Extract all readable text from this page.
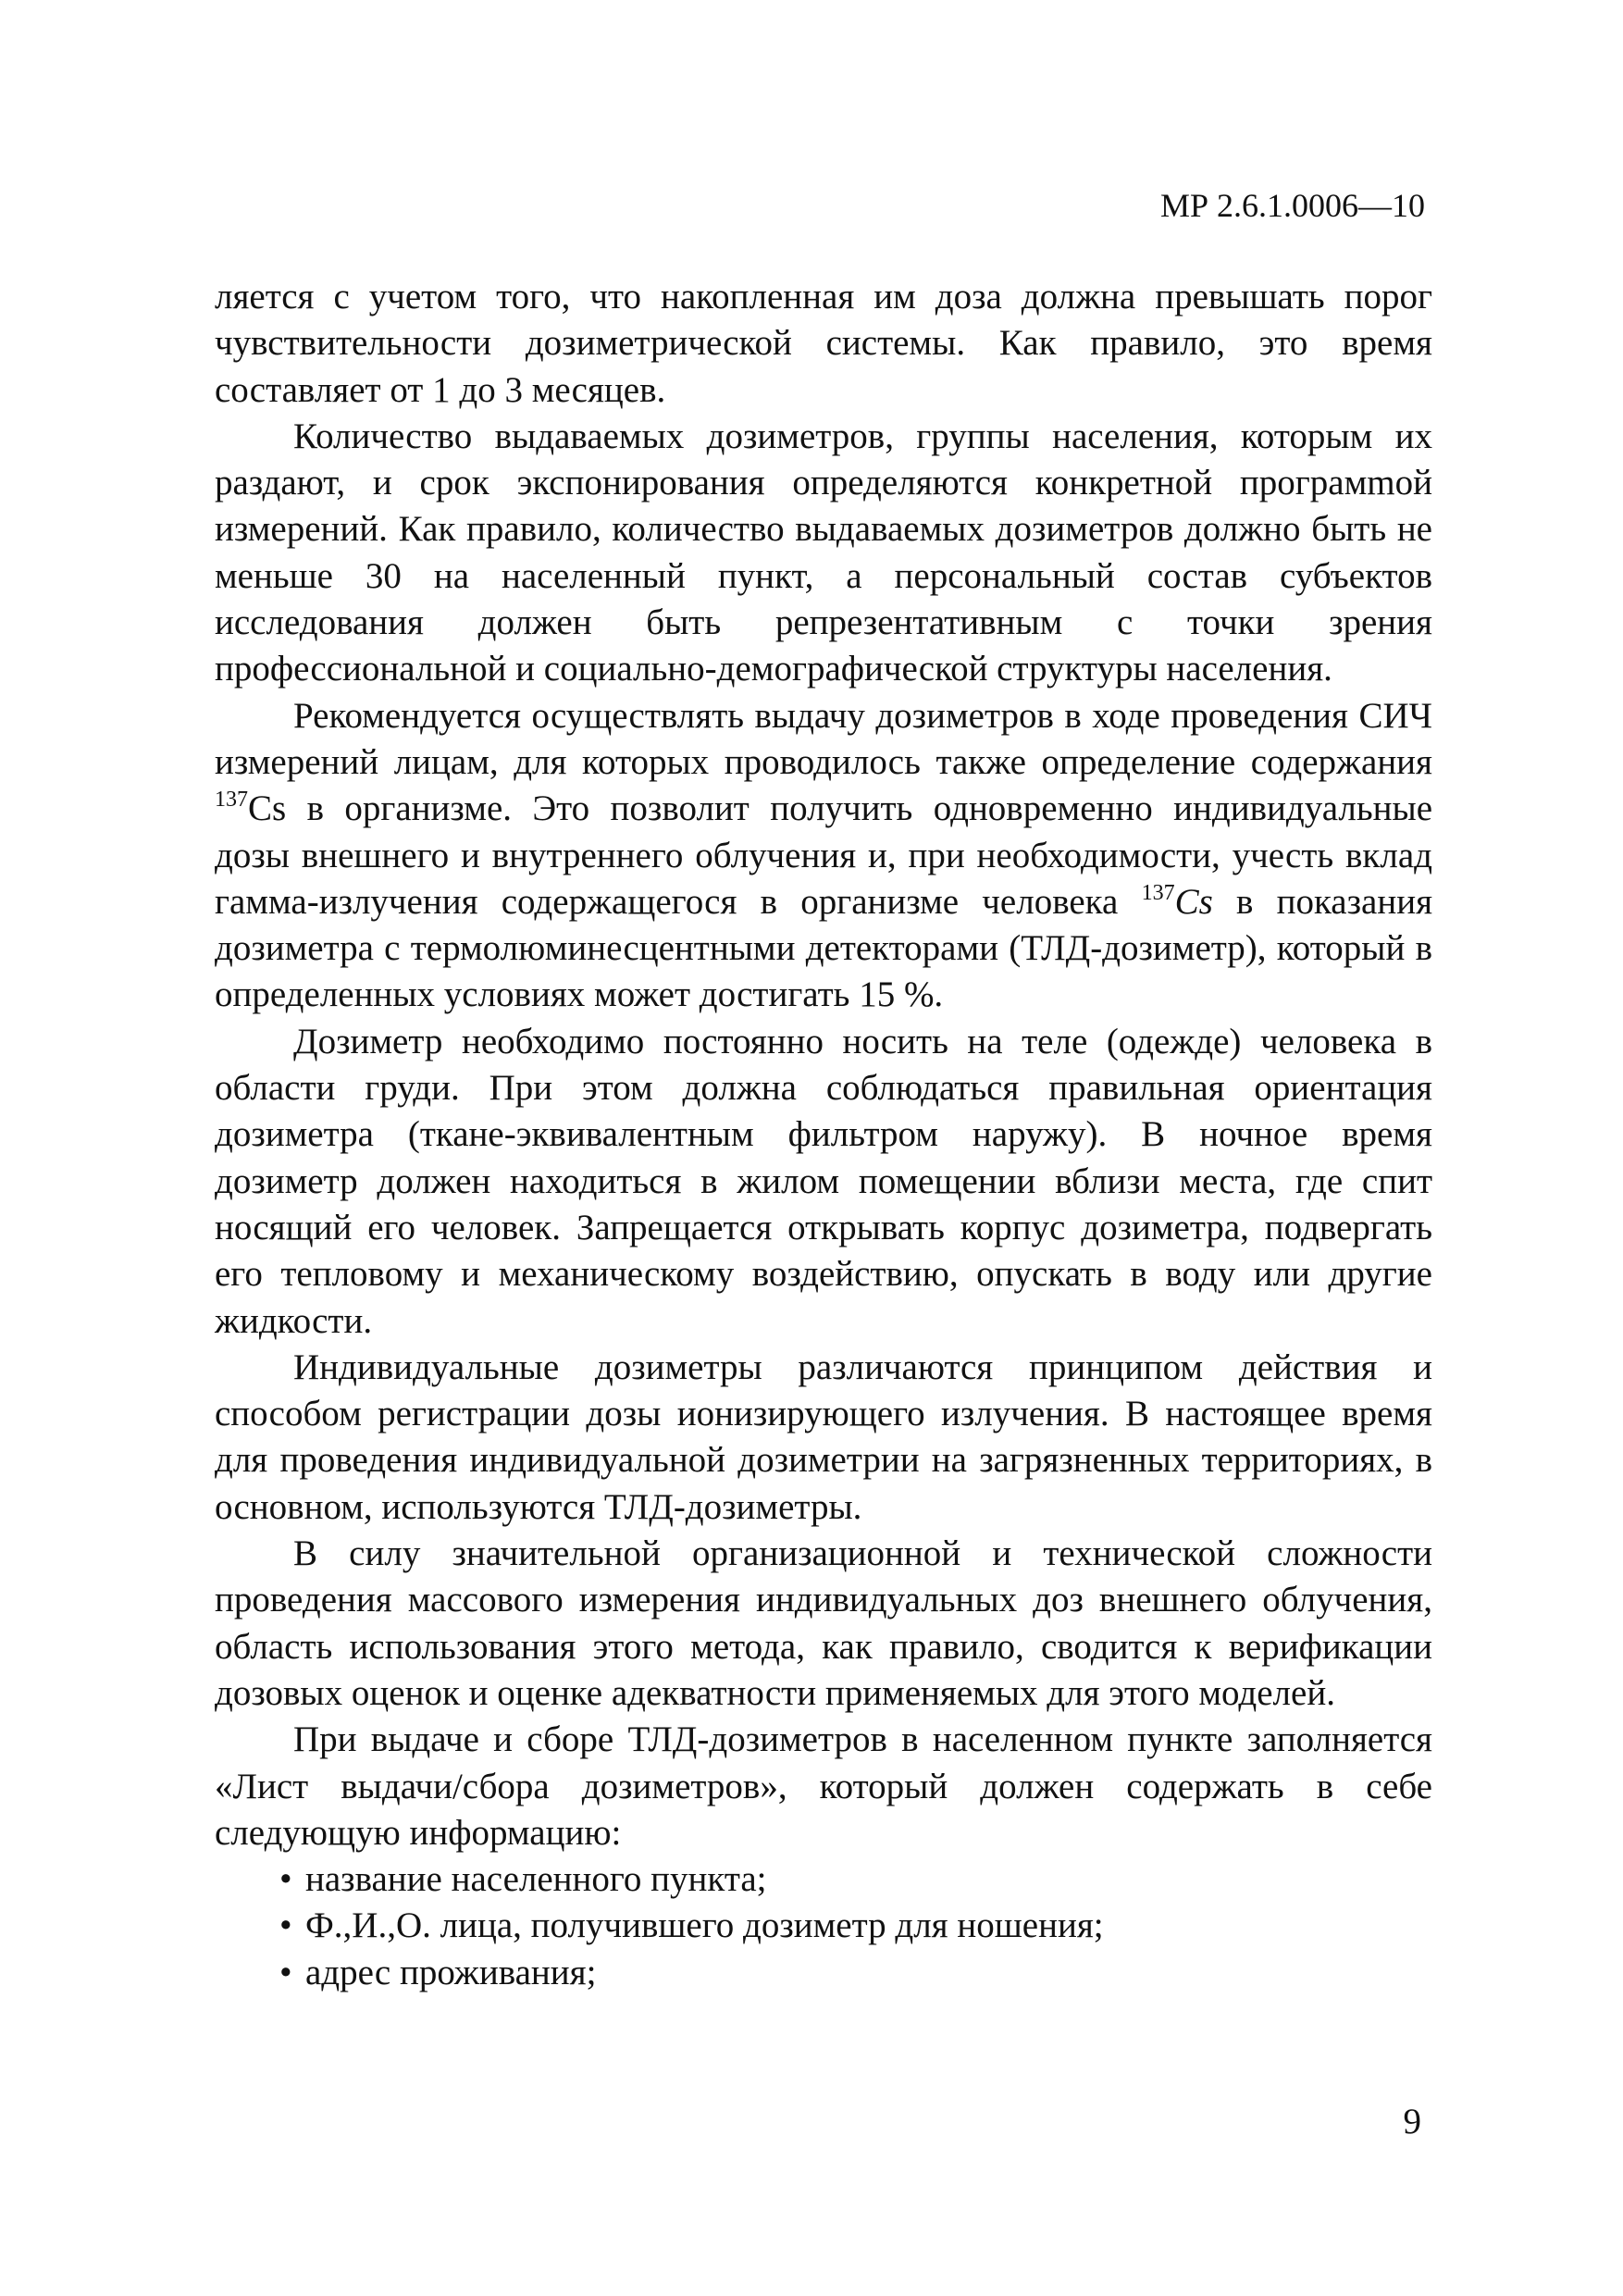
МР 2.6.1.0006—10

ляется с учетом того, что накопленная им доза должна превышать порог чувствительности дозиметрической системы. Как правило, это время составляет от 1 до 3 месяцев.

Количество выдаваемых дозиметров, группы населения, которым их раздают, и срок экспонирования определяются конкретной програмmой измерений. Как правило, количество выдаваемых дозиметров должно быть не меньше 30 на населенный пункт, а персональный состав субъектов исследования должен быть репрезентативным с точки зрения профессиональной и социально-демографической структуры населения.

Рекомендуется осуществлять выдачу дозиметров в ходе проведения СИЧ измерений лицам, для которых проводилось также определение содержания $^{137}$Cs в организме. Это позволит получить одновременно индивидуальные дозы внешнего и внутреннего облучения и, при необходимости, учесть вклад гамма-излучения содержащегося в организме человека $^{137}$Cs в показания дозиметра с термолюминесцентными детекторами (ТЛД-дозиметр), который в определенных условиях может достигать 15 %.

Дозиметр необходимо постоянно носить на теле (одежде) человека в области груди. При этом должна соблюдаться правильная ориентация дозиметра (ткане-эквивалентным фильтром наружу). В ночное время дозиметр должен находиться в жилом помещении вблизи места, где спит носящий его человек. Запрещается открывать корпус дозиметра, подвергать его тепловому и механическому воздействию, опускать в воду или другие жидкости.

Индивидуальные дозиметры различаются принципом действия и способом регистрации дозы ионизирующего излучения. В настоящее время для проведения индивидуальной дозиметрии на загрязненных территориях, в основном, используются ТЛД-дозиметры.

В силу значительной организационной и технической сложности проведения массового измерения индивидуальных доз внешнего облучения, область использования этого метода, как правило, сводится к верификации дозовых оценок и оценке адекватности применяемых для этого моделей.

При выдаче и сборе ТЛД-дозиметров в населенном пункте заполняется «Лист выдачи/сбора дозиметров», который должен содержать в себе следующую информацию:

• название населенного пункта;
• Ф.,И.,О. лица, получившего дозиметр для ношения;
• адрес проживания;
9
